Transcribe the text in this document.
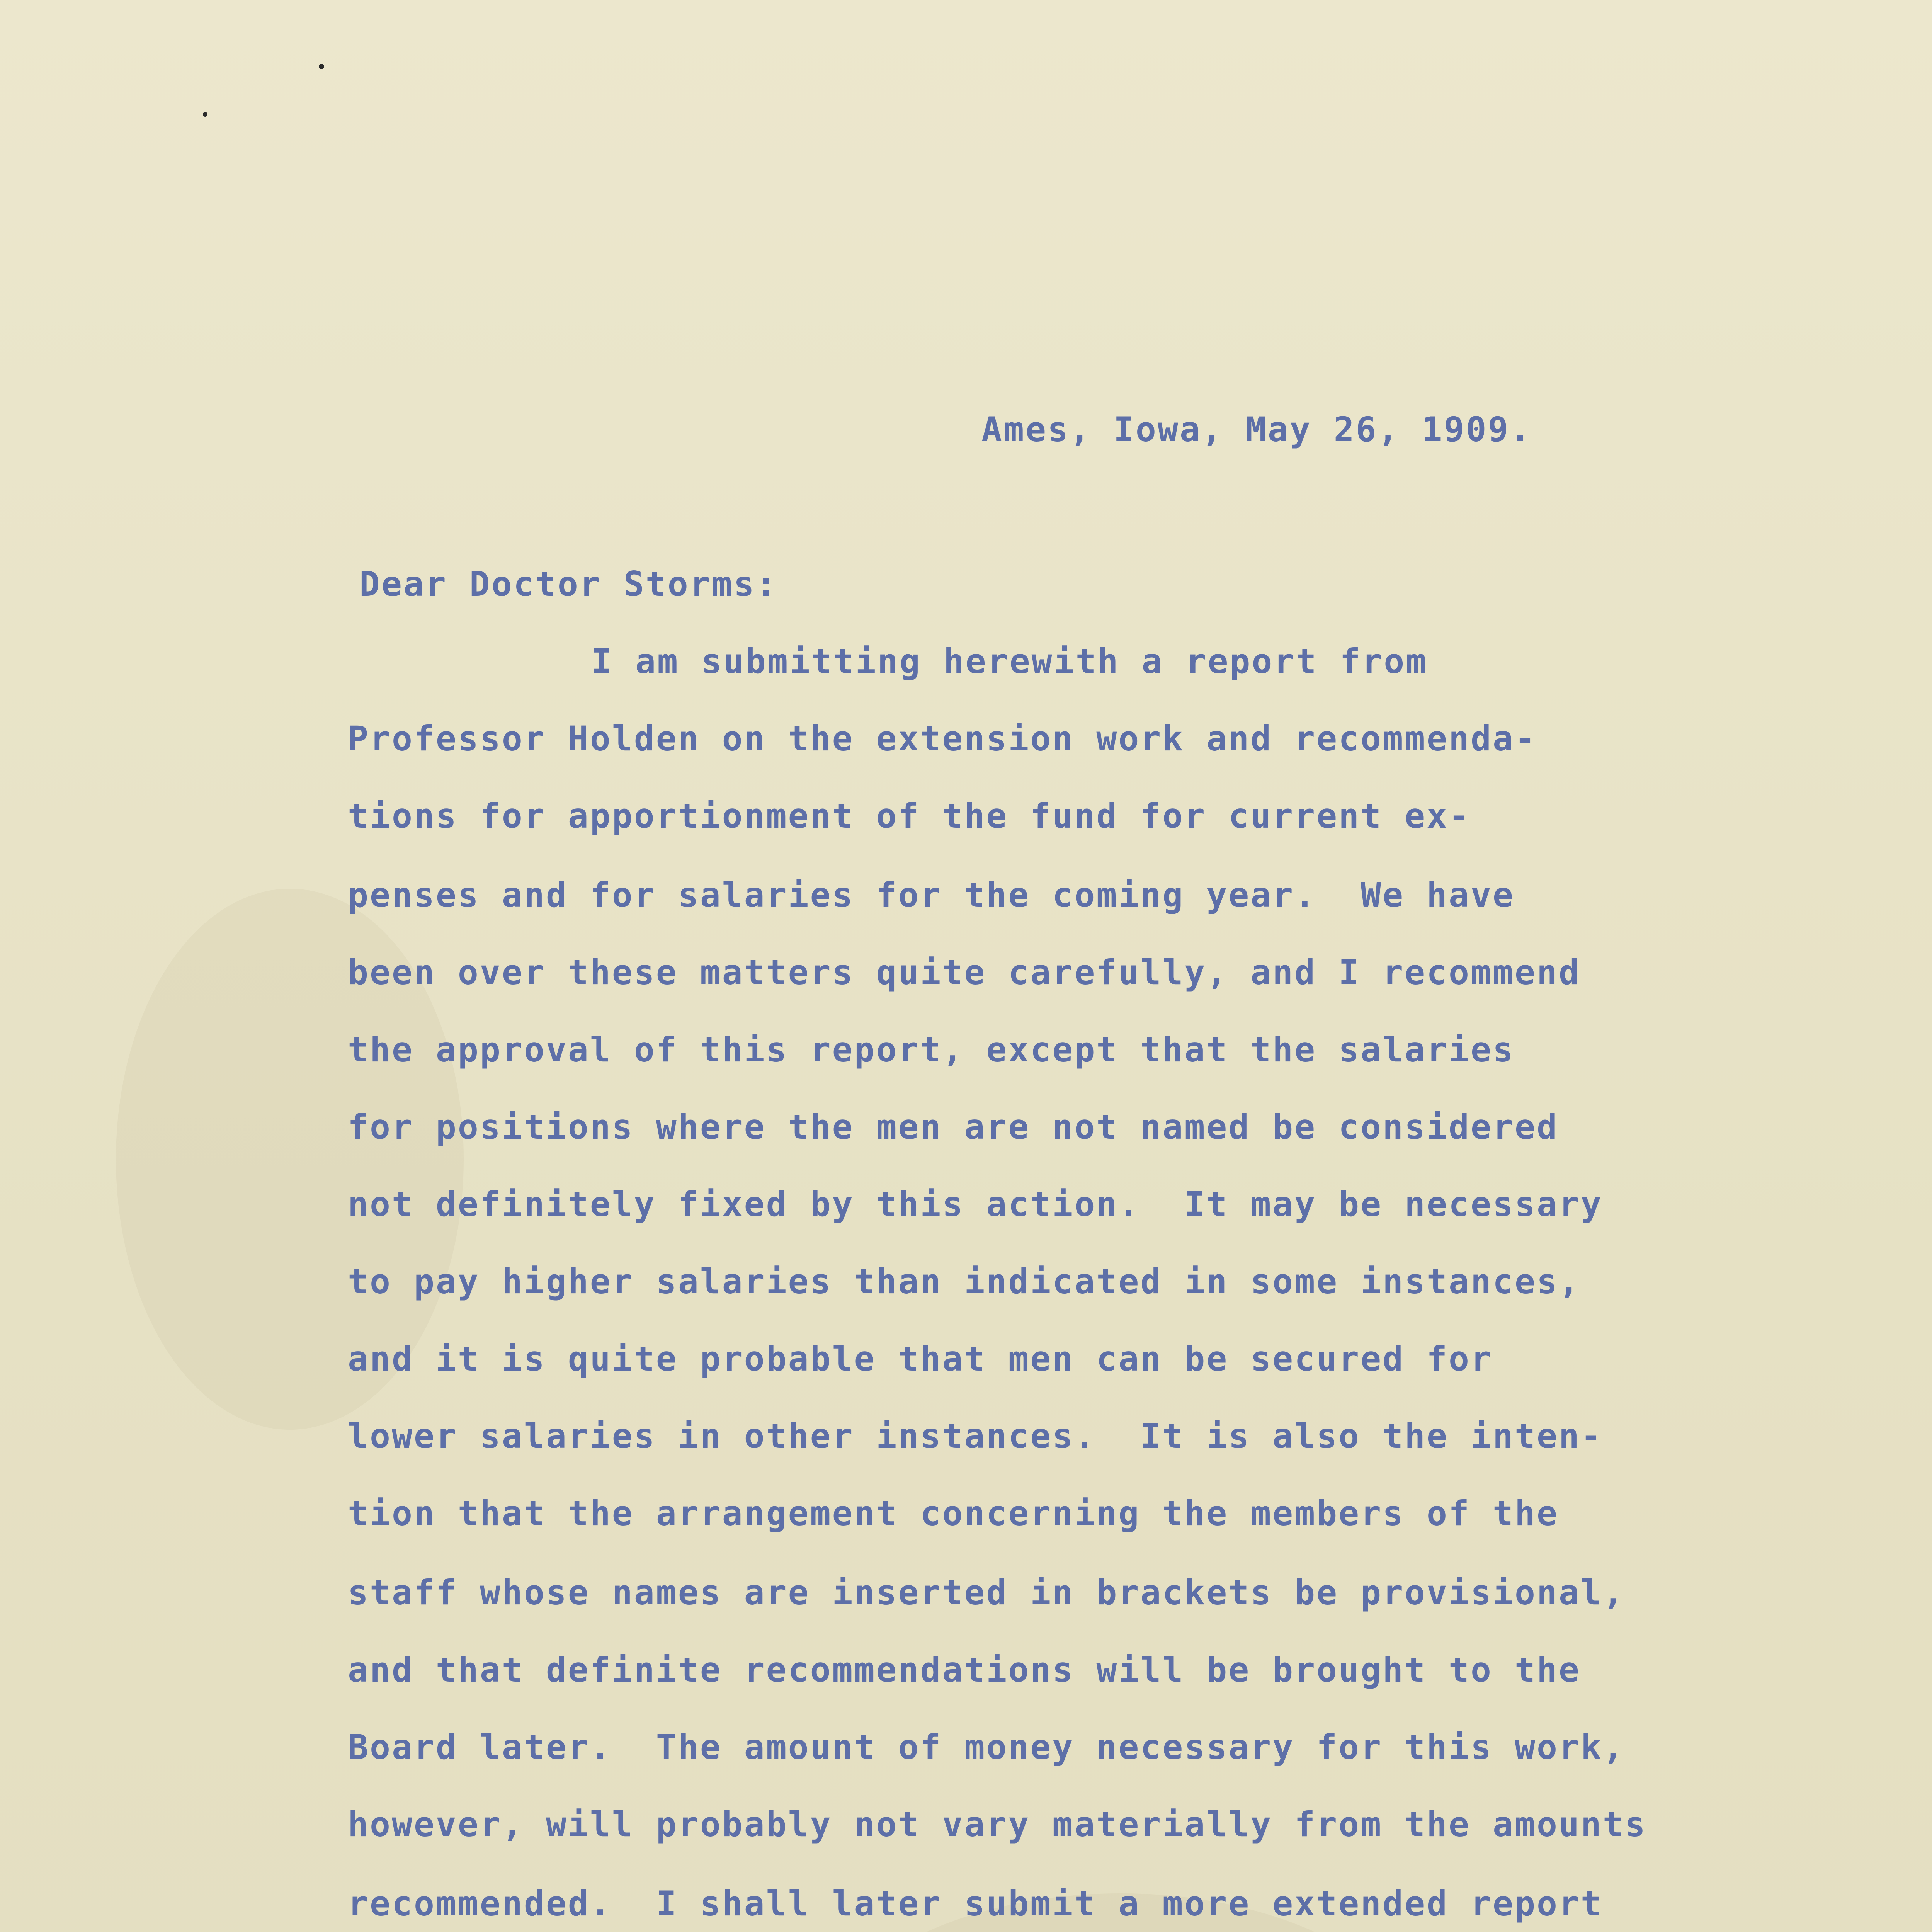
Ames, Iowa, May 26, 1909.
Dear Doctor Storms:
I am submitting herewith a report from
Professor Holden on the extension work and recommenda-
tions for apportionment of the fund for current ex-
penses and for salaries for the coming year.  We have
been over these matters quite carefully, and I recommend
the approval of this report, except that the salaries
for positions where the men are not named be considered
not definitely fixed by this action.  It may be necessary
to pay higher salaries than indicated in some instances,
and it is quite probable that men can be secured for
lower salaries in other instances.  It is also the inten-
tion that the arrangement concerning the members of the
staff whose names are inserted in brackets be provisional,
and that definite recommendations will be brought to the
Board later.  The amount of money necessary for this work,
however, will probably not vary materially from the amounts
recommended.  I shall later submit a more extended report
